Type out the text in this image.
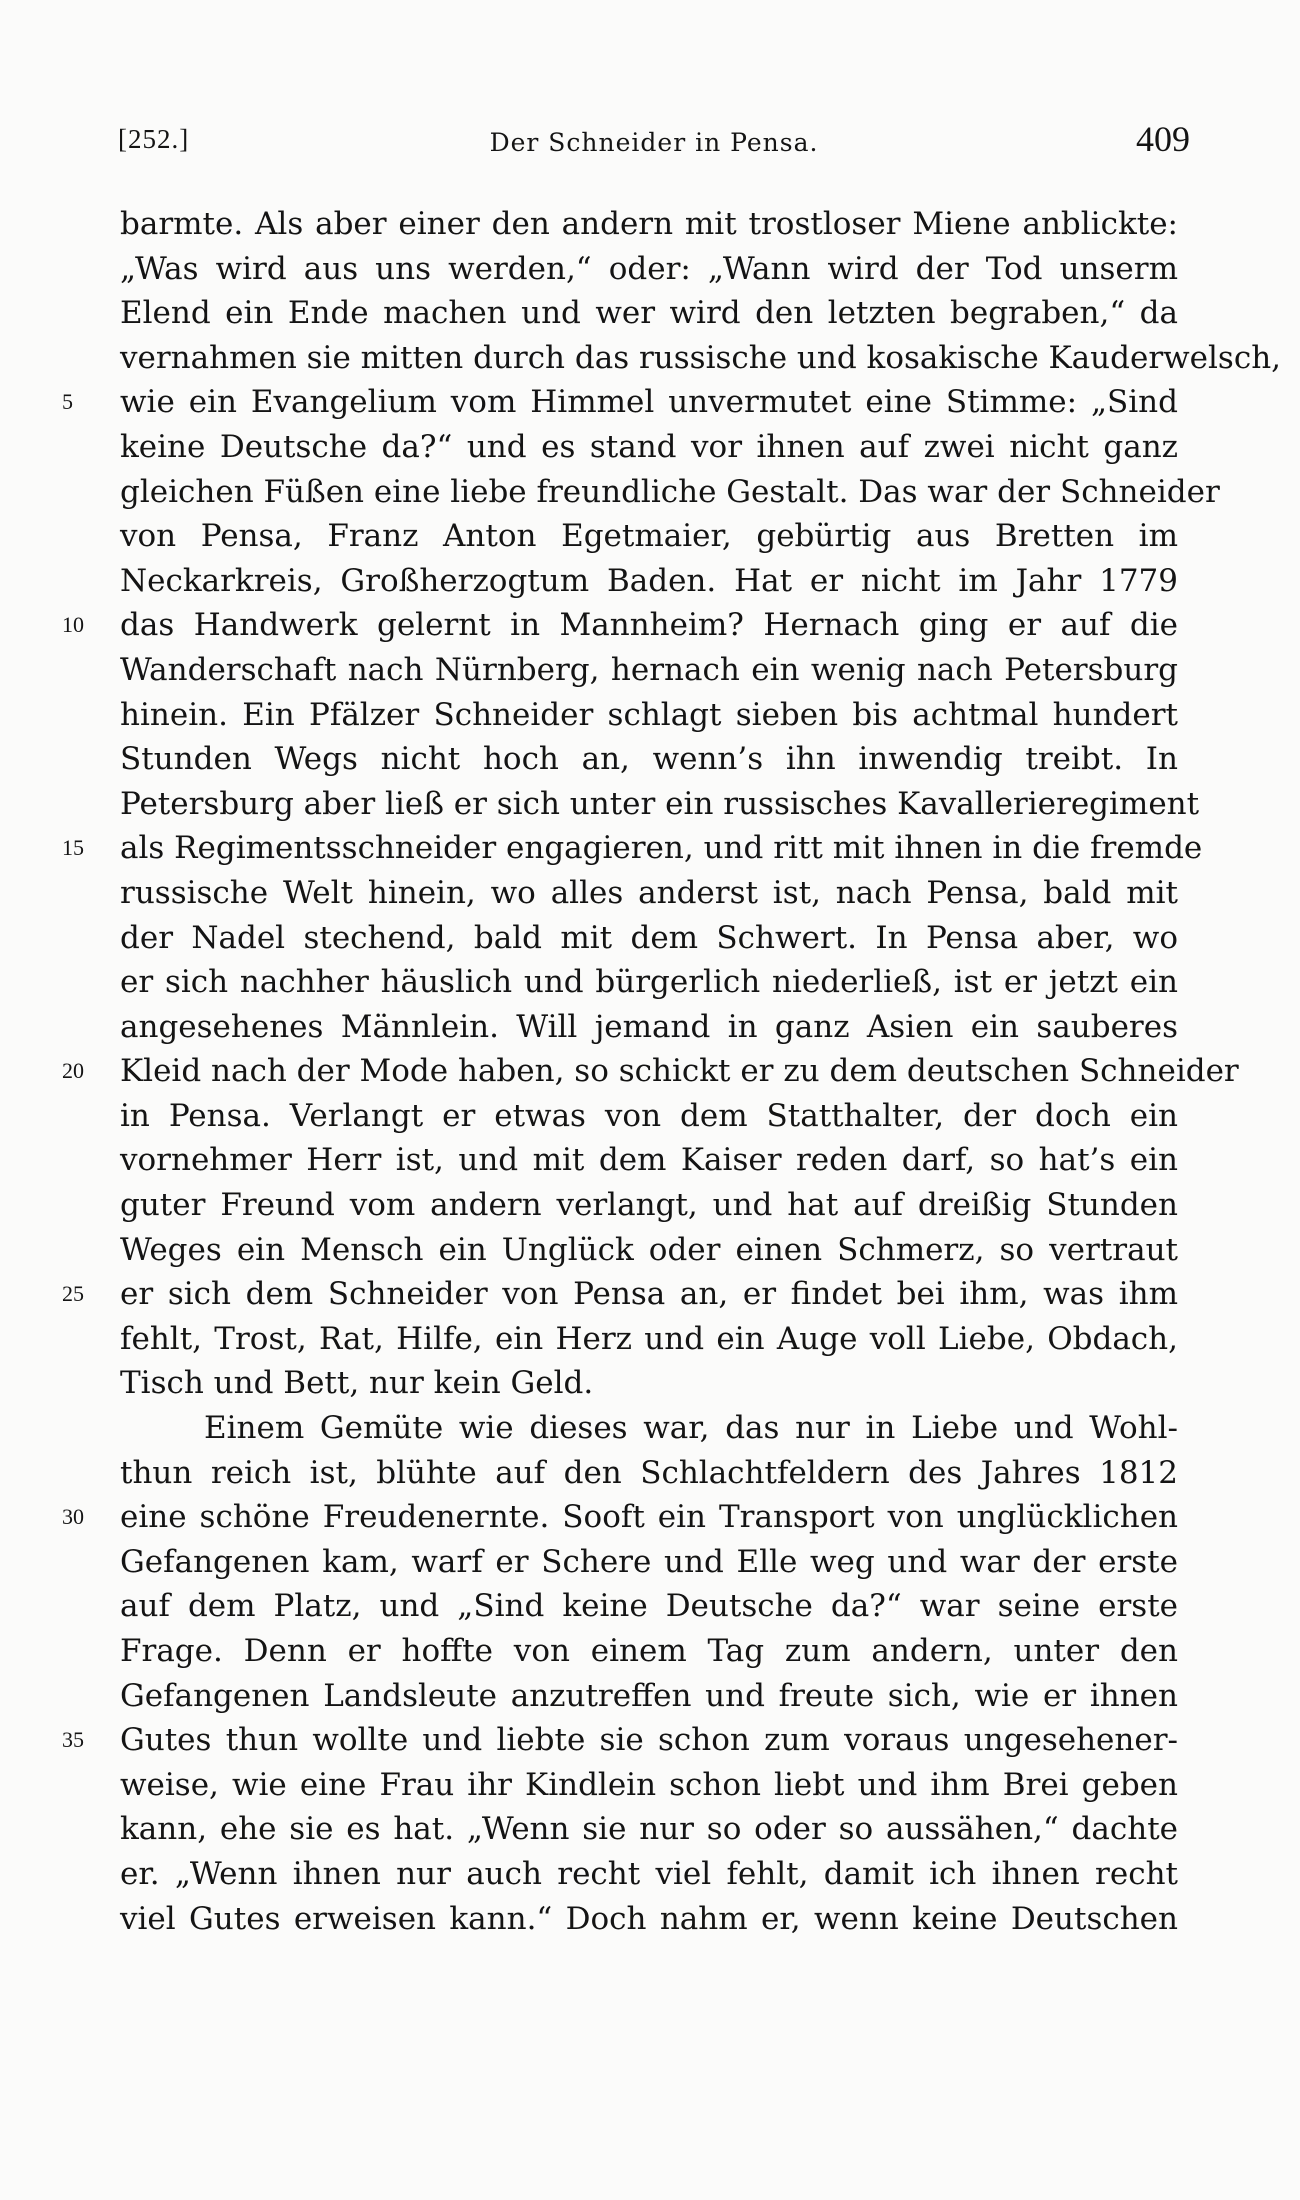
[252.]	Der Schneider in Pensa.	409
barmte. Als aber einer den andern mit trostloser Miene anblickte:
„Was wird aus uns werden,“ oder: „Wann wird der Tod unserm
Elend ein Ende machen und wer wird den letzten begraben,“ da
vernahmen sie mitten durch das russische und kosakische Kauderwelsch,
5	wie ein Evangelium vom Himmel unvermutet eine Stimme: „Sind
keine Deutsche da?“ und es stand vor ihnen auf zwei nicht ganz
gleichen Füßen eine liebe freundliche Gestalt. Das war der Schneider
von Pensa, Franz Anton Egetmaier, gebürtig aus Bretten im
Neckarkreis, Großherzogtum Baden. Hat er nicht im Jahr 1779
10	das Handwerk gelernt in Mannheim? Hernach ging er auf die
Wanderschaft nach Nürnberg, hernach ein wenig nach Petersburg
hinein. Ein Pfälzer Schneider schlagt sieben bis achtmal hundert
Stunden Wegs nicht hoch an, wenn’s ihn inwendig treibt. In
Petersburg aber ließ er sich unter ein russisches Kavallerieregiment
15	als Regimentsschneider engagieren, und ritt mit ihnen in die fremde
russische Welt hinein, wo alles anderst ist, nach Pensa, bald mit
der Nadel stechend, bald mit dem Schwert. In Pensa aber, wo
er sich nachher häuslich und bürgerlich niederließ, ist er jetzt ein
angesehenes Männlein. Will jemand in ganz Asien ein sauberes
20	Kleid nach der Mode haben, so schickt er zu dem deutschen Schneider
in Pensa. Verlangt er etwas von dem Statthalter, der doch ein
vornehmer Herr ist, und mit dem Kaiser reden darf, so hat’s ein
guter Freund vom andern verlangt, und hat auf dreißig Stunden
Weges ein Mensch ein Unglück oder einen Schmerz, so vertraut
25	er sich dem Schneider von Pensa an, er findet bei ihm, was ihm
fehlt, Trost, Rat, Hilfe, ein Herz und ein Auge voll Liebe, Obdach,
Tisch und Bett, nur kein Geld.
Einem Gemüte wie dieses war, das nur in Liebe und Wohl-
thun reich ist, blühte auf den Schlachtfeldern des Jahres 1812
30	eine schöne Freudenernte. Sooft ein Transport von unglücklichen
Gefangenen kam, warf er Schere und Elle weg und war der erste
auf dem Platz, und „Sind keine Deutsche da?“ war seine erste
Frage. Denn er hoffte von einem Tag zum andern, unter den
Gefangenen Landsleute anzutreffen und freute sich, wie er ihnen
35	Gutes thun wollte und liebte sie schon zum voraus ungesehener-
weise, wie eine Frau ihr Kindlein schon liebt und ihm Brei geben
kann, ehe sie es hat. „Wenn sie nur so oder so aussähen,“ dachte
er. „Wenn ihnen nur auch recht viel fehlt, damit ich ihnen recht
viel Gutes erweisen kann.“ Doch nahm er, wenn keine Deutschen
